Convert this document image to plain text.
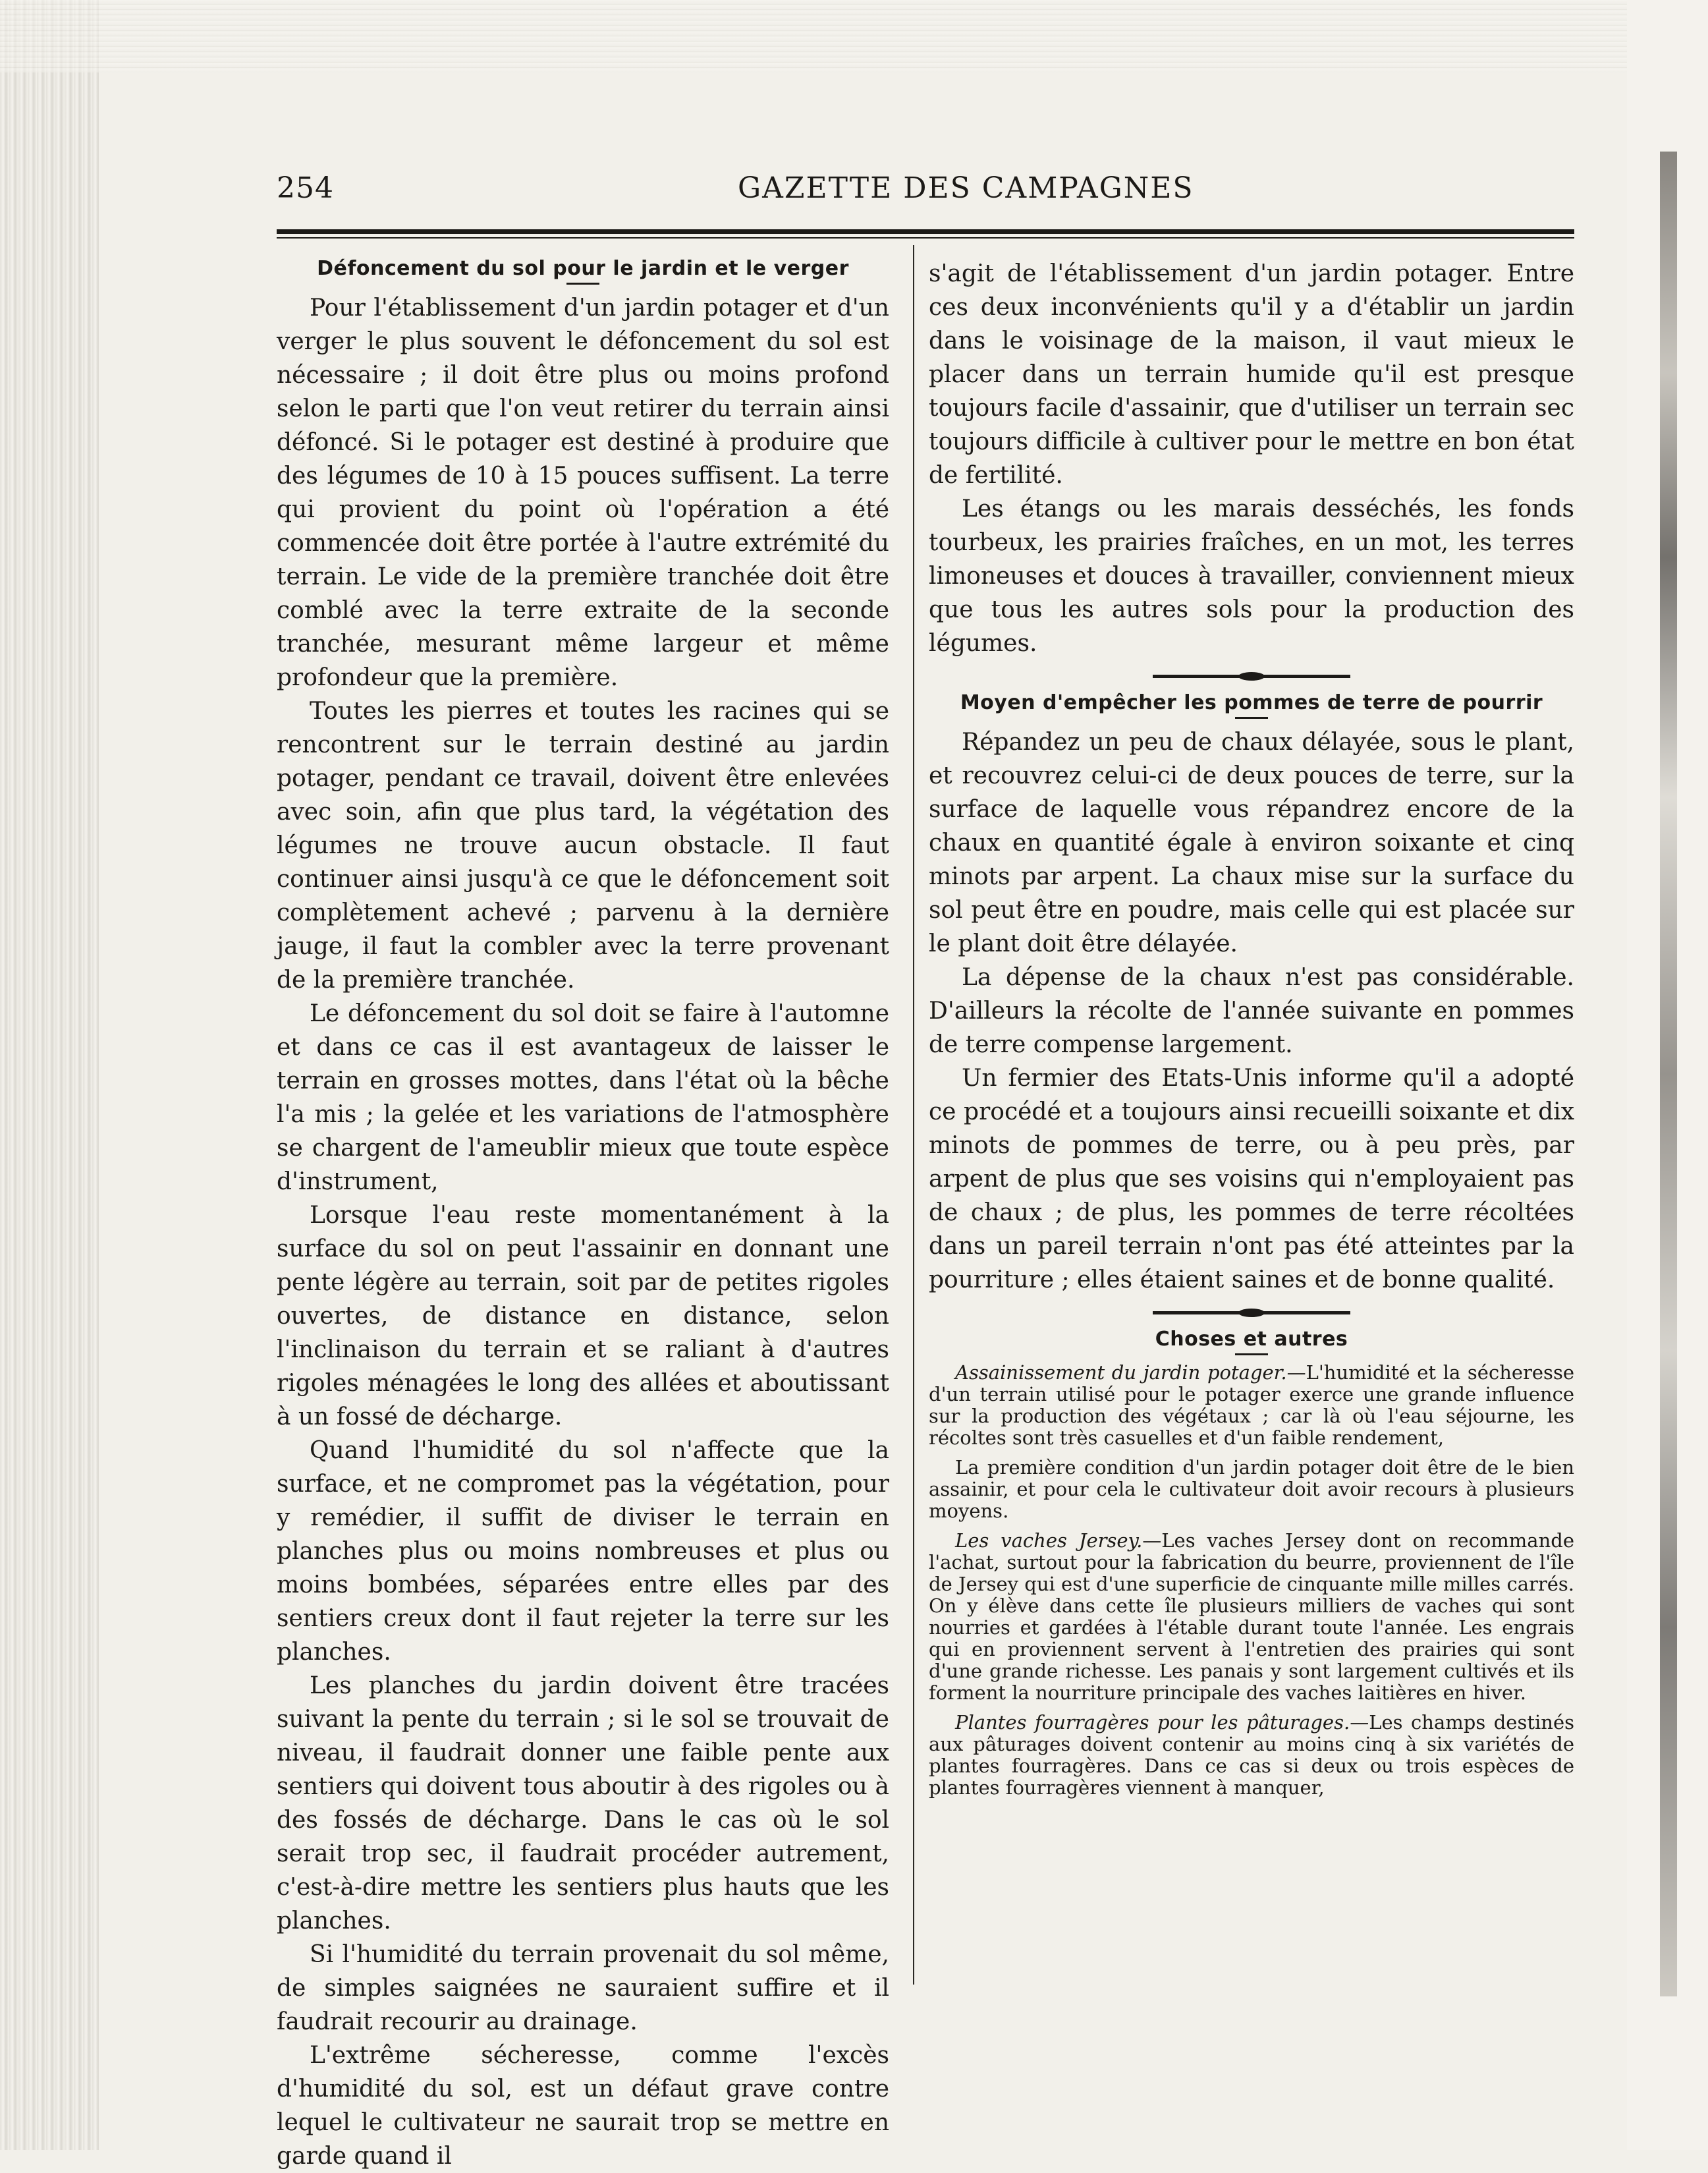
254	GAZETTE DES CAMPAGNES
Défoncement du sol pour le jardin et le verger

Pour l'établissement d'un jardin potager et d'un verger le plus souvent le défoncement du sol est nécessaire ; il doit être plus ou moins profond selon le parti que l'on veut retirer du terrain ainsi défoncé. Si le potager est destiné à produire que des légumes de 10 à 15 pouces suffisent. La terre qui provient du point où l'opération a été commencée doit être portée à l'autre extrémité du terrain. Le vide de la première tranchée doit être comblé avec la terre extraite de la seconde tranchée, mesurant même largeur et même profondeur que la première.

Toutes les pierres et toutes les racines qui se rencontrent sur le terrain destiné au jardin potager, pendant ce travail, doivent être enlevées avec soin, afin que plus tard, la végétation des légumes ne trouve aucun obstacle. Il faut continuer ainsi jusqu'à ce que le défoncement soit complètement achevé ; parvenu à la dernière jauge, il faut la combler avec la terre provenant de la première tranchée.

Le défoncement du sol doit se faire à l'automne et dans ce cas il est avantageux de laisser le terrain en grosses mottes, dans l'état où la bêche l'a mis ; la gelée et les variations de l'atmosphère se chargent de l'ameublir mieux que toute espèce d'instrument,

Lorsque l'eau reste momentanément à la surface du sol on peut l'assainir en donnant une pente légère au terrain, soit par de petites rigoles ouvertes, de distance en distance, selon l'inclinaison du terrain et se raliant à d'autres rigoles ménagées le long des allées et aboutissant à un fossé de décharge.

Quand l'humidité du sol n'affecte que la surface, et ne compromet pas la végétation, pour y remédier, il suffit de diviser le terrain en planches plus ou moins nombreuses et plus ou moins bombées, séparées entre elles par des sentiers creux dont il faut rejeter la terre sur les planches.

Les planches du jardin doivent être tracées suivant la pente du terrain ; si le sol se trouvait de niveau, il faudrait donner une faible pente aux sentiers qui doivent tous aboutir à des rigoles ou à des fossés de décharge. Dans le cas où le sol serait trop sec, il faudrait procéder autrement, c'est-à-dire mettre les sentiers plus hauts que les planches.

Si l'humidité du terrain provenait du sol même, de simples saignées ne sauraient suffire et il faudrait recourir au drainage.

L'extrême sécheresse, comme l'excès d'humidité du sol, est un défaut grave contre lequel le cultivateur ne saurait trop se mettre en garde quand il

s'agit de l'établissement d'un jardin potager. Entre ces deux inconvénients qu'il y a d'établir un jardin dans le voisinage de la maison, il vaut mieux le placer dans un terrain humide qu'il est presque toujours facile d'assainir, que d'utiliser un terrain sec toujours difficile à cultiver pour le mettre en bon état de fertilité.

Les étangs ou les marais desséchés, les fonds tourbeux, les prairies fraîches, en un mot, les terres limoneuses et douces à travailler, conviennent mieux que tous les autres sols pour la production des légumes.

Moyen d'empêcher les pommes de terre de pourrir

Répandez un peu de chaux délayée, sous le plant, et recouvrez celui-ci de deux pouces de terre, sur la surface de laquelle vous répandrez encore de la chaux en quantité égale à environ soixante et cinq minots par arpent. La chaux mise sur la surface du sol peut être en poudre, mais celle qui est placée sur le plant doit être délayée.

La dépense de la chaux n'est pas considérable. D'ailleurs la récolte de l'année suivante en pommes de terre compense largement.

Un fermier des Etats-Unis informe qu'il a adopté ce procédé et a toujours ainsi recueilli soixante et dix minots de pommes de terre, ou à peu près, par arpent de plus que ses voisins qui n'employaient pas de chaux ; de plus, les pommes de terre récoltées dans un pareil terrain n'ont pas été atteintes par la pourriture ; elles étaient saines et de bonne qualité.

Choses et autres

Assainissement du jardin potager.—L'humidité et la sécheresse d'un terrain utilisé pour le potager exerce une grande influence sur la production des végétaux ; car là où l'eau séjourne, les récoltes sont très casuelles et d'un faible rendement,

La première condition d'un jardin potager doit être de le bien assainir, et pour cela le cultivateur doit avoir recours à plusieurs moyens.

Les vaches Jersey.—Les vaches Jersey dont on recommande l'achat, surtout pour la fabrication du beurre, proviennent de l'île de Jersey qui est d'une superficie de cinquante mille milles carrés. On y élève dans cette île plusieurs milliers de vaches qui sont nourries et gardées à l'étable durant toute l'année. Les engrais qui en proviennent servent à l'entretien des prairies qui sont d'une grande richesse. Les panais y sont largement cultivés et ils forment la nourriture principale des vaches laitières en hiver.

Plantes fourragères pour les pâturages.—Les champs destinés aux pâturages doivent contenir au moins cinq à six variétés de plantes fourragères. Dans ce cas si deux ou trois espèces de plantes fourragères viennent à manquer,
